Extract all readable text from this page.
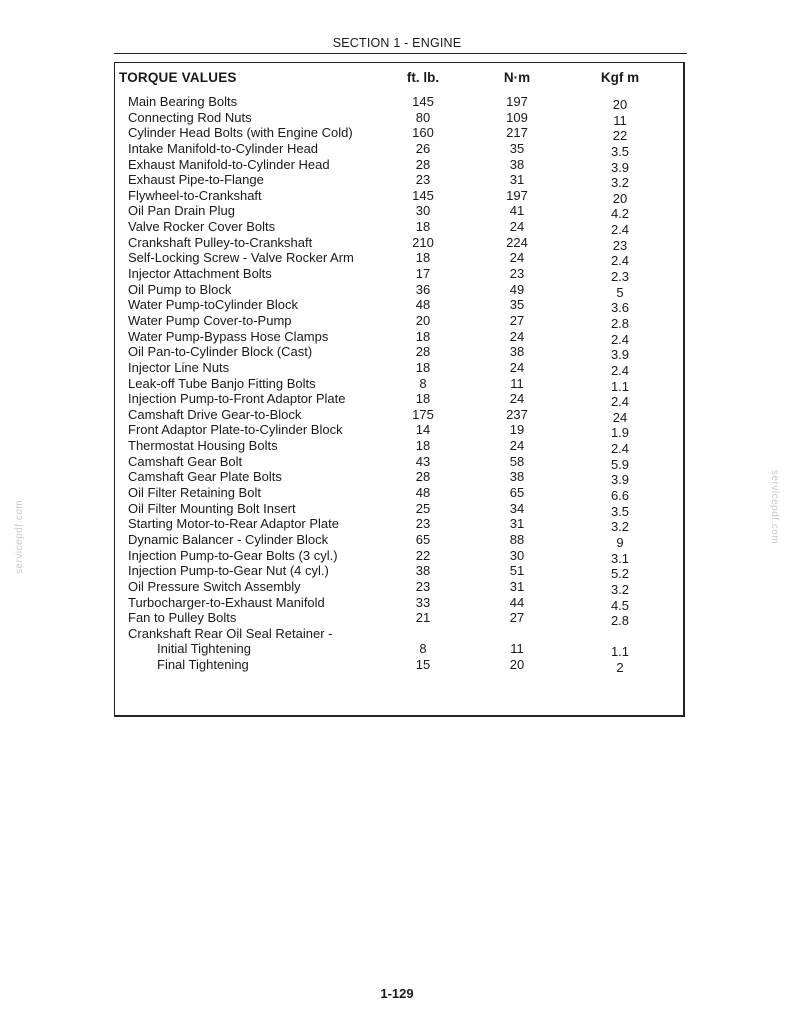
SECTION 1 - ENGINE
TORQUE VALUES	ft. lb.	N·m	Kgf m
Main Bearing Bolts	145	197	20
Connecting Rod Nuts	80	109	11
Cylinder Head Bolts (with Engine Cold)	160	217	22
Intake Manifold-to-Cylinder Head	26	35	3.5
Exhaust Manifold-to-Cylinder Head	28	38	3.9
Exhaust Pipe-to-Flange	23	31	3.2
Flywheel-to-Crankshaft	145	197	20
Oil Pan Drain Plug	30	41	4.2
Valve Rocker Cover Bolts	18	24	2.4
Crankshaft Pulley-to-Crankshaft	210	224	23
Self-Locking Screw - Valve Rocker Arm	18	24	2.4
Injector Attachment Bolts	17	23	2.3
Oil Pump to Block	36	49	5
Water Pump-toCylinder Block	48	35	3.6
Water Pump Cover-to-Pump	20	27	2.8
Water Pump-Bypass Hose Clamps	18	24	2.4
Oil Pan-to-Cylinder Block (Cast)	28	38	3.9
Injector Line Nuts	18	24	2.4
Leak-off Tube Banjo Fitting Bolts	8	11	1.1
Injection Pump-to-Front Adaptor Plate	18	24	2.4
Camshaft Drive Gear-to-Block	175	237	24
Front Adaptor Plate-to-Cylinder Block	14	19	1.9
Thermostat Housing Bolts	18	24	2.4
Camshaft Gear Bolt	43	58	5.9
Camshaft Gear Plate Bolts	28	38	3.9
Oil Filter Retaining Bolt	48	65	6.6
Oil Filter Mounting Bolt Insert	25	34	3.5
Starting Motor-to-Rear Adaptor Plate	23	31	3.2
Dynamic Balancer - Cylinder Block	65	88	9
Injection Pump-to-Gear Bolts (3 cyl.)	22	30	3.1
Injection Pump-to-Gear Nut (4 cyl.)	38	51	5.2
Oil Pressure Switch Assembly	23	31	3.2
Turbocharger-to-Exhaust Manifold	33	44	4.5
Fan to Pulley Bolts	21	27	2.8
Crankshaft Rear Oil Seal Retainer -
Initial Tightening	8	11	1.1
Final Tightening	15	20	2
servicepdf.com	servicepdf.com
1-129
